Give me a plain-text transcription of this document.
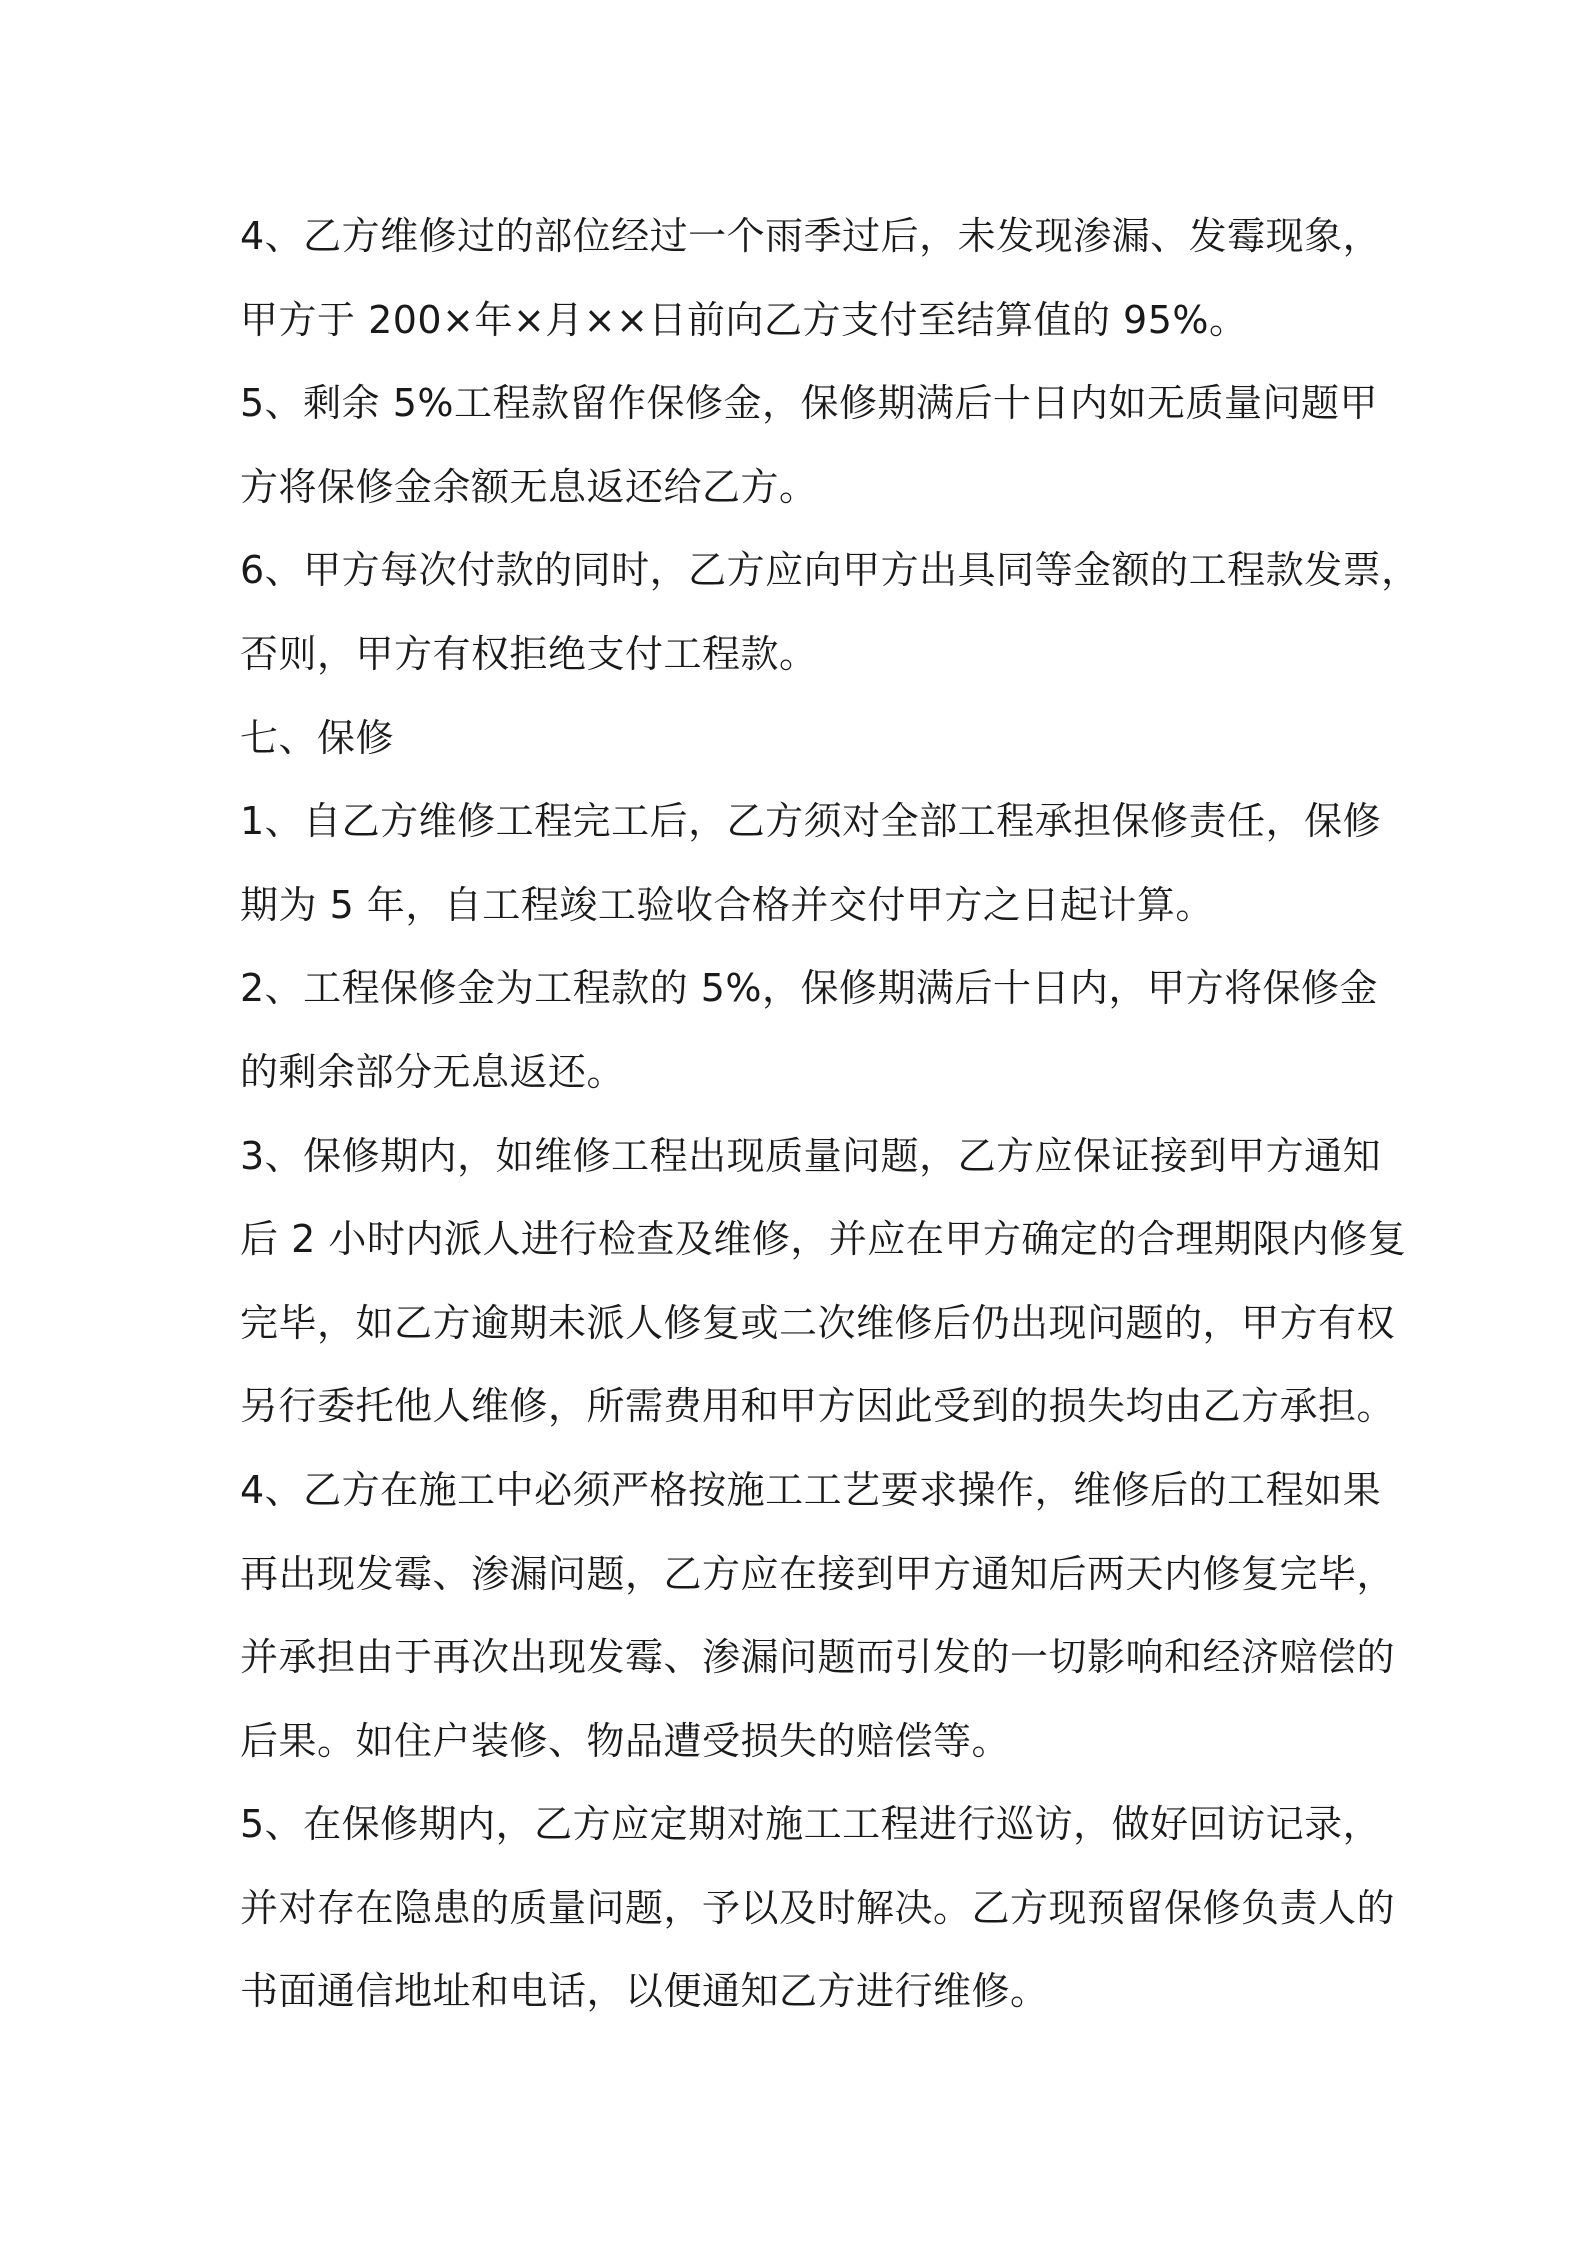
4、乙方维修过的部位经过一个雨季过后，未发现渗漏、发霉现象，
甲方于 200×年×月××日前向乙方支付至结算值的 95%。
5、剩余 5%工程款留作保修金，保修期满后十日内如无质量问题甲
方将保修金余额无息返还给乙方。
6、甲方每次付款的同时，乙方应向甲方出具同等金额的工程款发票，
否则，甲方有权拒绝支付工程款。
七、保修
1、自乙方维修工程完工后，乙方须对全部工程承担保修责任，保修
期为 5 年，自工程竣工验收合格并交付甲方之日起计算。
2、工程保修金为工程款的 5%，保修期满后十日内，甲方将保修金
的剩余部分无息返还。
3、保修期内，如维修工程出现质量问题，乙方应保证接到甲方通知
后 2 小时内派人进行检查及维修，并应在甲方确定的合理期限内修复
完毕，如乙方逾期未派人修复或二次维修后仍出现问题的，甲方有权
另行委托他人维修，所需费用和甲方因此受到的损失均由乙方承担。
4、乙方在施工中必须严格按施工工艺要求操作，维修后的工程如果
再出现发霉、渗漏问题，乙方应在接到甲方通知后两天内修复完毕，
并承担由于再次出现发霉、渗漏问题而引发的一切影响和经济赔偿的
后果。如住户装修、物品遭受损失的赔偿等。
5、在保修期内，乙方应定期对施工工程进行巡访，做好回访记录，
并对存在隐患的质量问题，予以及时解决。乙方现预留保修负责人的
书面通信地址和电话，以便通知乙方进行维修。
